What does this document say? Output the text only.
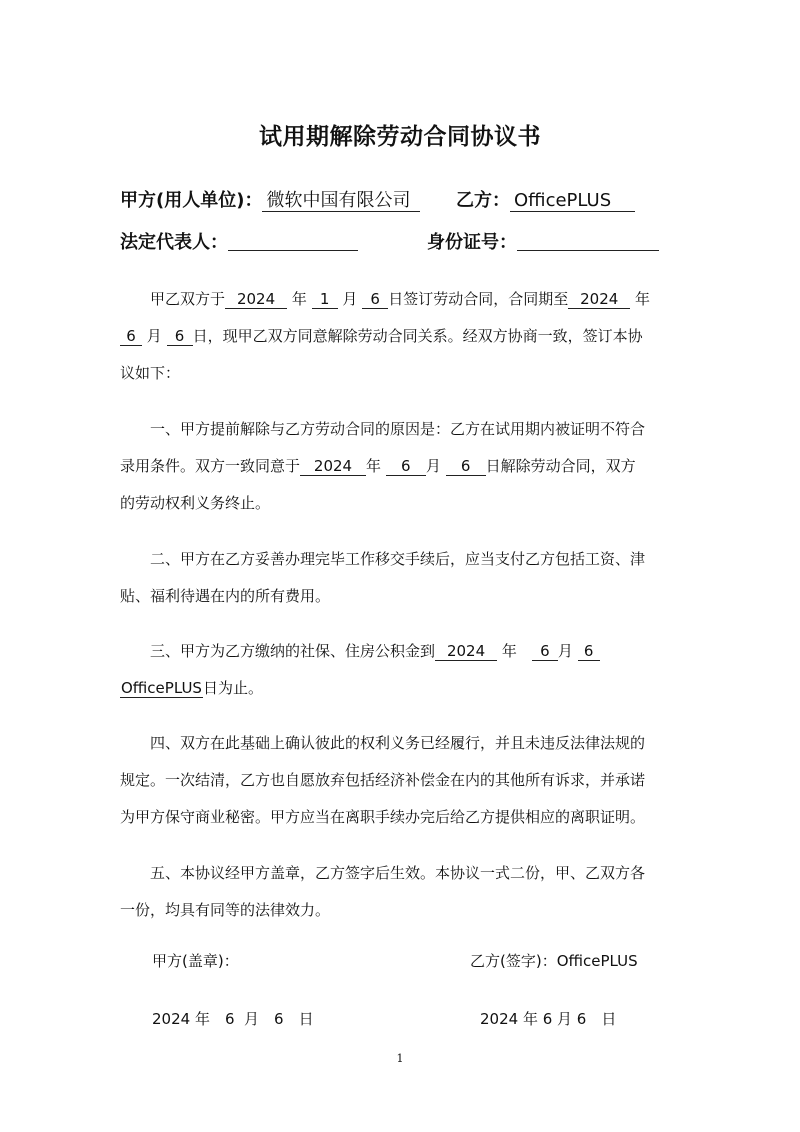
试用期解除劳动合同协议书
甲方(用人单位)： 微软中国有限公司	乙方： OfficePLUS
法定代表人：	身份证号：
　　甲乙双方于 2024 年 1 月 6 日签订劳动合同，合同期至 2024 年
6 月 6 日，现甲乙双方同意解除劳动合同关系。经双方协商一致，签订本协
议如下：
　　一、甲方提前解除与乙方劳动合同的原因是：乙方在试用期内被证明不符合
录用条件。双方一致同意于 2024 年 6 月 6 日解除劳动合同，双方
的劳动权利义务终止。
　　二、甲方在乙方妥善办理完毕工作移交手续后，应当支付乙方包括工资、津
贴、福利待遇在内的所有费用。
　　三、甲方为乙方缴纳的社保、住房公积金到 2024 年　 6 月 6
OfficePLUS日为止。
　　四、双方在此基础上确认彼此的权利义务已经履行，并且未违反法律法规的
规定。一次结清，乙方也自愿放弃包括经济补偿金在内的其他所有诉求，并承诺
为甲方保守商业秘密。甲方应当在离职手续办完后给乙方提供相应的离职证明。
　　五、本协议经甲方盖章，乙方签字后生效。本协议一式二份，甲、乙双方各
一份，均具有同等的法律效力。
甲方(盖章)：	乙方(签字)：OfficePLUS
2024 年　6  月　6　日	2024 年 6 月 6　日
1
